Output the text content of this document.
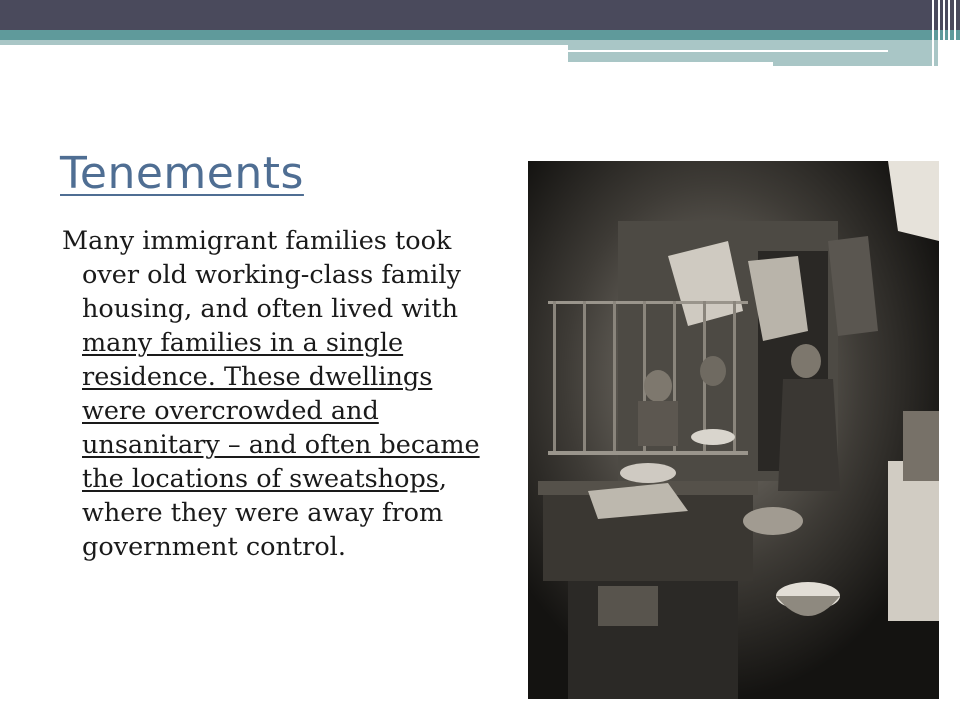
Tenements
Many immigrant families took over old working-class family housing, and often lived with many families in a single residence. These dwellings were overcrowded and unsanitary – and often became the locations of sweatshops, where they were away from government control.
